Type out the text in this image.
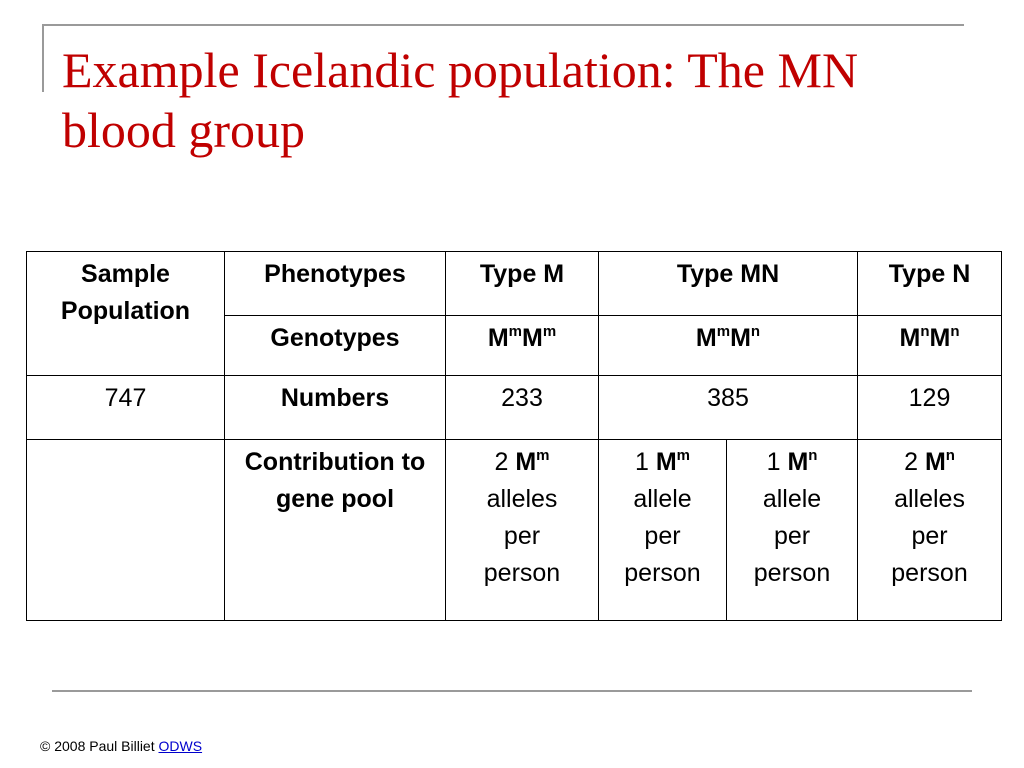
Example Icelandic population: The MN blood group
Sample Population	Phenotypes	Type M	Type MN		Type N
	Genotypes	$M^mM^m$	$M^mM^n$		$M^nM^n$
747	Numbers	233	385		129
	Contribution to gene pool	2 $M^m$
alleles
per
person	1 $M^m$
allele
per
person	1 $M^n$
allele
per
person	2 $M^n$
alleles
per
person
© 2008 Paul Billiet ODWS
